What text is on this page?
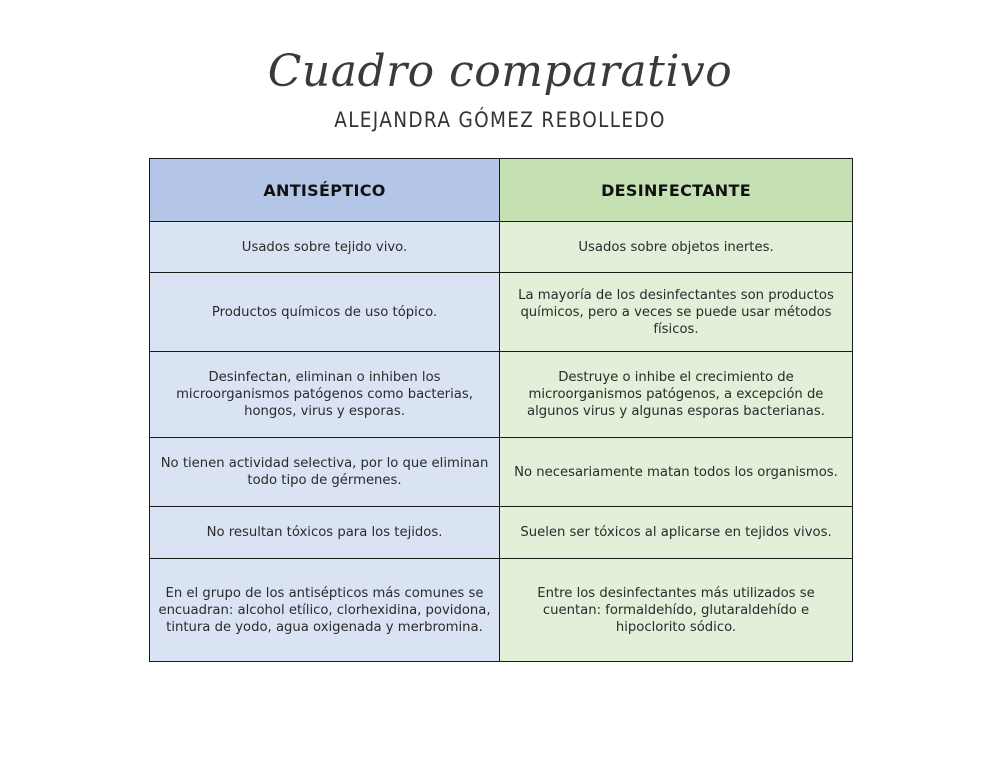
Cuadro comparativo
ALEJANDRA GÓMEZ REBOLLEDO
ANTISÉPTICO	DESINFECTANTE
Usados sobre tejido vivo.	Usados sobre objetos inertes.
Productos químicos de uso tópico.	La mayoría de los desinfectantes son productos químicos, pero a veces se puede usar métodos físicos.
Desinfectan, eliminan o inhiben los microorganismos patógenos como bacterias, hongos, virus y esporas.	Destruye o inhibe el crecimiento de microorganismos patógenos, a excepción de algunos virus y algunas esporas bacterianas.
No tienen actividad selectiva, por lo que eliminan todo tipo de gérmenes.	No necesariamente matan todos los organismos.
No resultan tóxicos para los tejidos.	Suelen ser tóxicos al aplicarse en tejidos vivos.
En el grupo de los antisépticos más comunes se encuadran: alcohol etílico, clorhexidina, povidona, tintura de yodo, agua oxigenada y merbromina.	Entre los desinfectantes más utilizados se cuentan: formaldehído, glutaraldehído e hipoclorito sódico.
